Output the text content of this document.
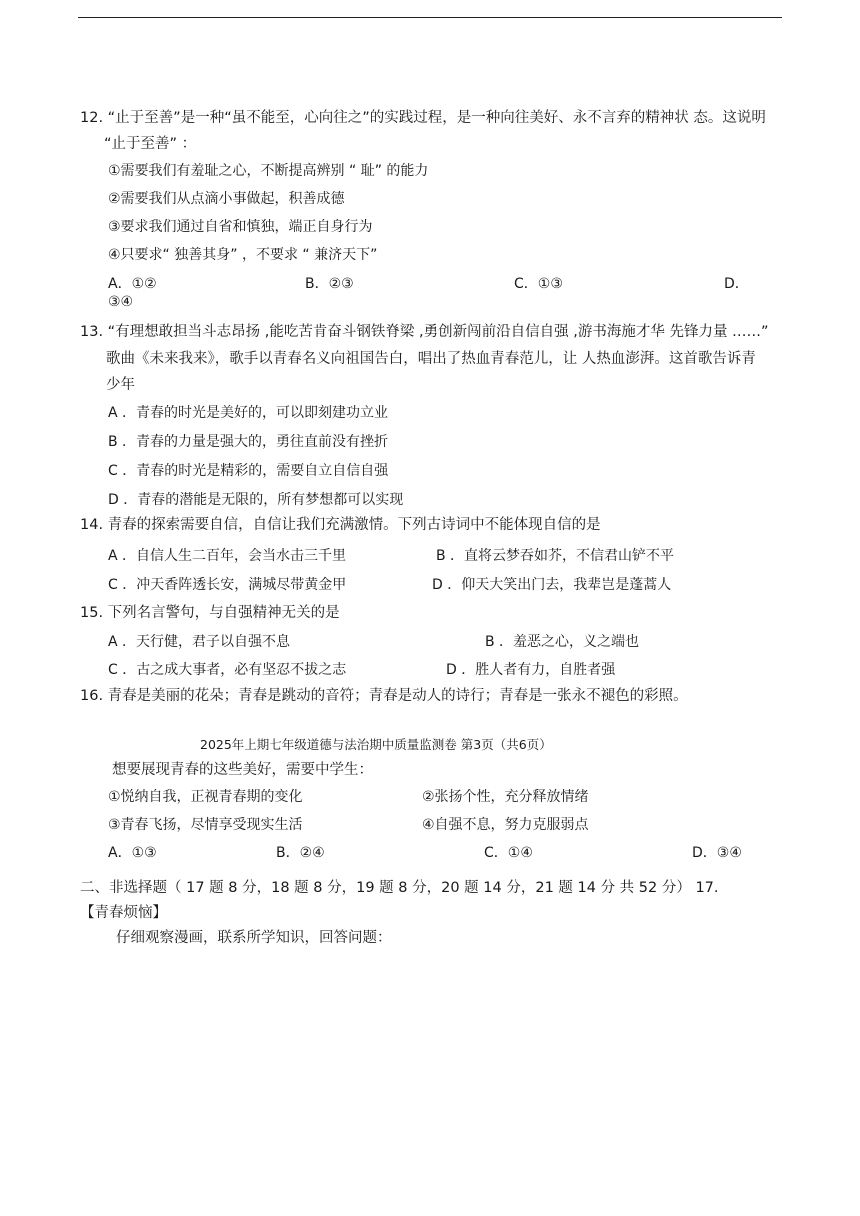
12. “止于至善”是一种“虽不能至，心向往之”的实践过程，是一种向往美好、永不言弃的精神状 态。这说明
“止于至善” ：
①需要我们有羞耻之心，不断提高辨别 “ 耻” 的能力
②需要我们从点滴小事做起，积善成德
③要求我们通过自省和慎独，端正自身行为
④只要求“ 独善其身” ，不要求 “ 兼济天下”
A．①②	B．②③	C．①③	D．
③④
13. “有理想敢担当斗志昂扬 ,能吃苦肯奋斗钢铁脊梁 ,勇创新闯前沿自信自强 ,游书海施才华 先锋力量 ……”
歌曲《未来我来》，歌手以青春名义向祖国告白，唱出了热血青春范儿，让 人热血澎湃。这首歌告诉青
少年
A ．青春的时光是美好的，可以即刻建功立业
B ．青春的力量是强大的，勇往直前没有挫折
C ．青春的时光是精彩的，需要自立自信自强
D ．青春的潜能是无限的，所有梦想都可以实现
14. 青春的探索需要自信，自信让我们充满激情。下列古诗词中不能体现自信的是
A ．自信人生二百年，会当水击三千里	B ．直将云梦吞如芥，不信君山铲不平
C ．冲天香阵透长安，满城尽带黄金甲	D ．仰天大笑出门去，我辈岂是蓬蒿人
15. 下列名言警句，与自强精神无关的是
A ．天行健，君子以自强不息	B ．羞恶之心，义之端也
C ．古之成大事者，必有坚忍不拔之志	D ．胜人者有力，自胜者强
16. 青春是美丽的花朵；青春是跳动的音符；青春是动人的诗行；青春是一张永不褪色的彩照。
2025年上期七年级道德与法治期中质量监测卷 第3页（共6页）
想要展现青春的这些美好，需要中学生：
①悦纳自我，正视青春期的变化	②张扬个性，充分释放情绪
③青春飞扬，尽情享受现实生活	④自强不息，努力克服弱点
A．①③	B．②④	C．①④	D．③④
二、非选择题（ 17 题 8 分，18 题 8 分，19 题 8 分，20 题 14 分，21 题 14 分 共 52 分） 17.
【青春烦恼】
仔细观察漫画，联系所学知识，回答问题：
